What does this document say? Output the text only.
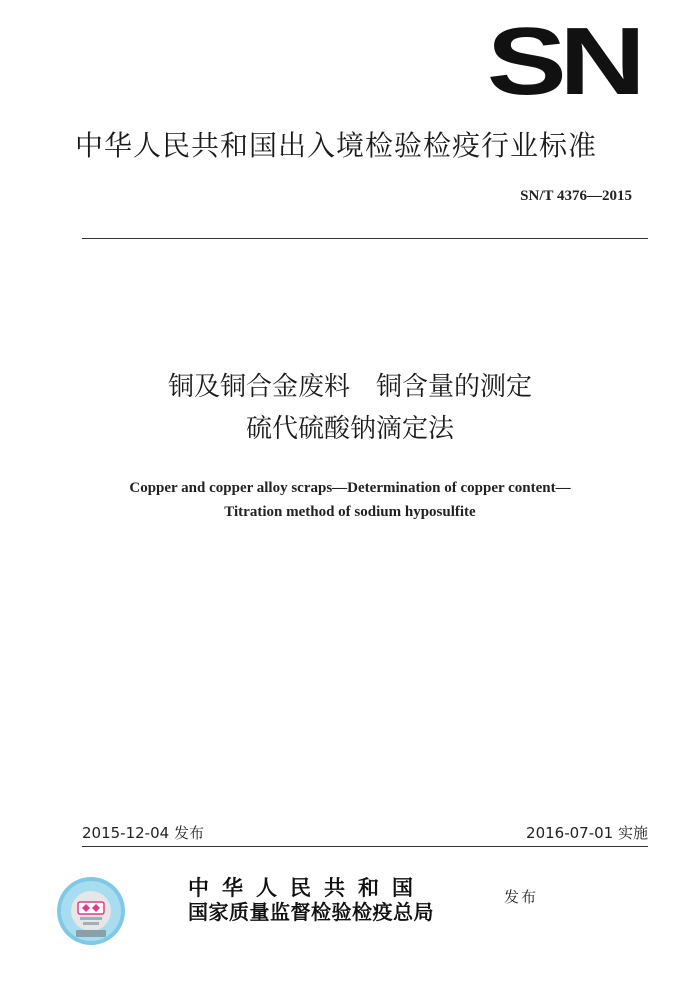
SN
中华人民共和国出入境检验检疫行业标准
SN/T 4376—2015
铜及铜合金废料　铜含量的测定
硫代硫酸钠滴定法
Copper and copper alloy scraps—Determination of copper content—
Titration method of sodium hyposulfite
2015-12-04 发布	2016-07-01 实施
中华人民共和国
国家质量监督检验检疫总局
发布
